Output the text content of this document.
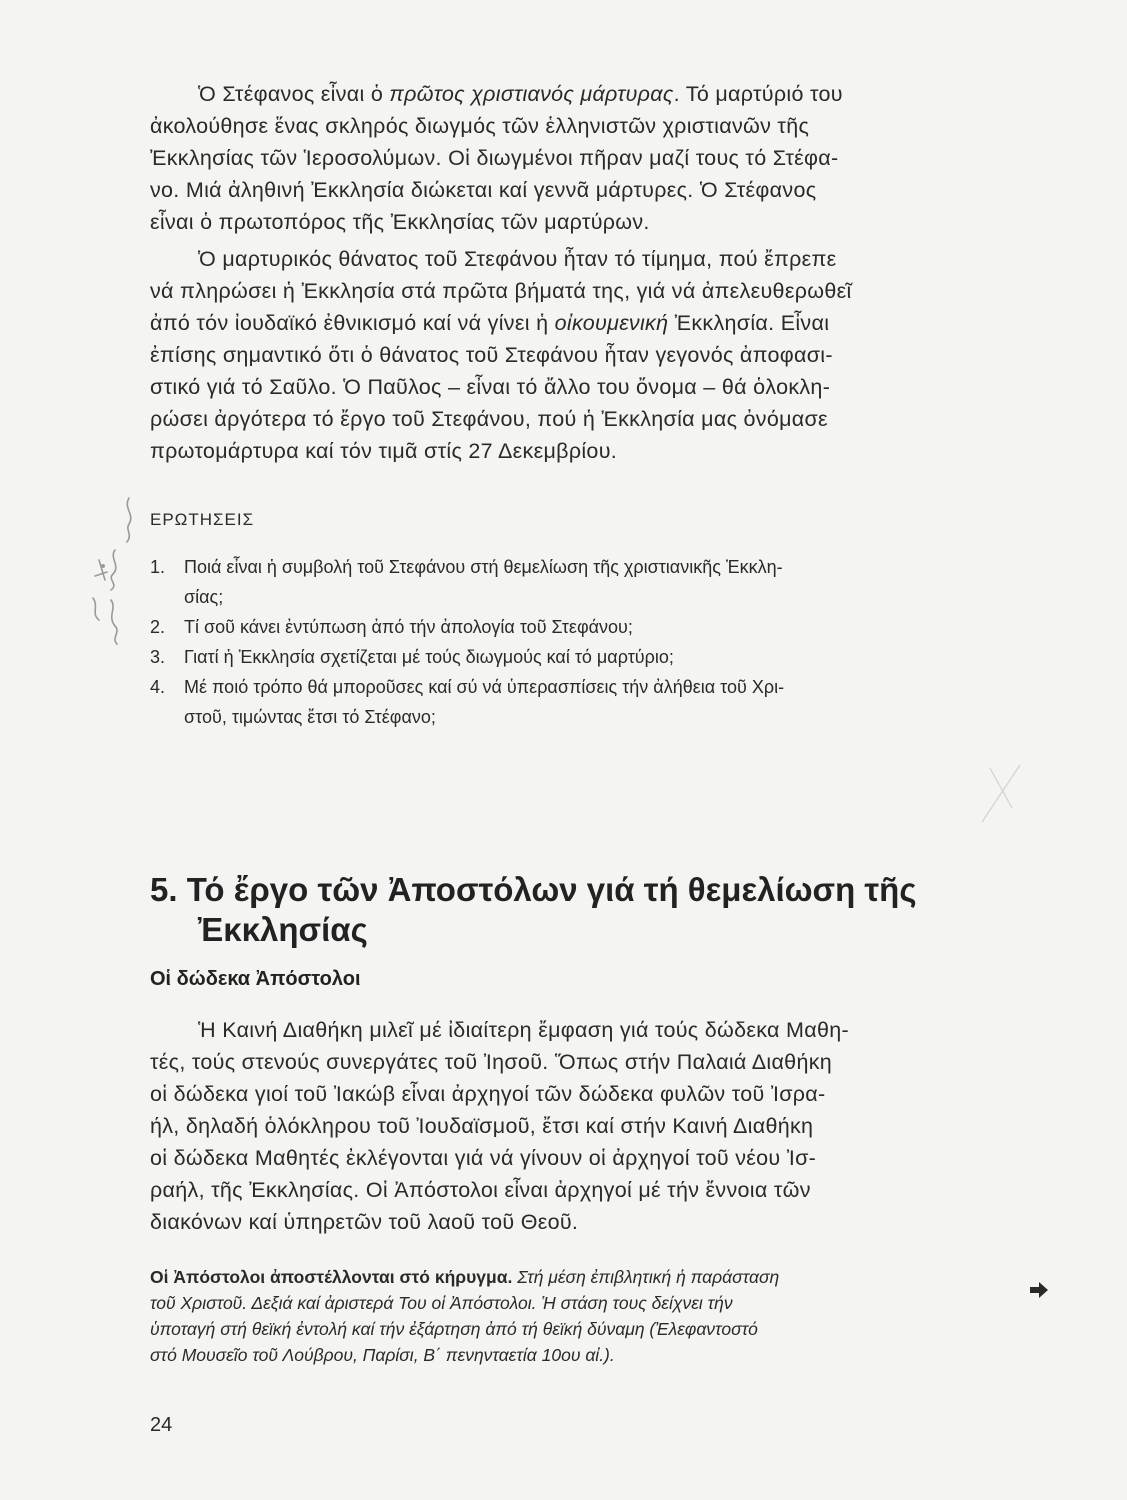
Ὁ Στέφανος εἶναι ὁ πρῶτος χριστιανός μάρτυρας. Τό μαρτύριό του
ἀκολούθησε ἕνας σκληρός διωγμός τῶν ἑλληνιστῶν χριστιανῶν τῆς
Ἐκκλησίας τῶν Ἱεροσολύμων. Οἱ διωγμένοι πῆραν μαζί τους τό Στέφα-
νο. Μιά ἀληθινή Ἐκκλησία διώκεται καί γεννᾶ μάρτυρες. Ὁ Στέφανος
εἶναι ὁ πρωτοπόρος τῆς Ἐκκλησίας τῶν μαρτύρων.
Ὁ μαρτυρικός θάνατος τοῦ Στεφάνου ἦταν τό τίμημα, πού ἔπρεπε
νά πληρώσει ἡ Ἐκκλησία στά πρῶτα βήματά της, γιά νά ἀπελευθερωθεῖ
ἀπό τόν ἰουδαϊκό ἐθνικισμό καί νά γίνει ἡ οἰκουμενική Ἐκκλησία. Εἶναι
ἐπίσης σημαντικό ὅτι ὁ θάνατος τοῦ Στεφάνου ἦταν γεγονός ἀποφασι-
στικό γιά τό Σαῦλο. Ὁ Παῦλος – εἶναι τό ἄλλο του ὄνομα – θά ὁλοκλη-
ρώσει ἀργότερα τό ἔργο τοῦ Στεφάνου, πού ἡ Ἐκκλησία μας ὀνόμασε
πρωτομάρτυρα καί τόν τιμᾶ στίς 27 Δεκεμβρίου.

ΕΡΩΤΗΣΕΙΣ

1. Ποιά εἶναι ἡ συμβολή τοῦ Στεφάνου στή θεμελίωση τῆς χριστιανικῆς Ἐκκλη-
σίας;
2. Τί σοῦ κάνει ἐντύπωση ἀπό τήν ἀπολογία τοῦ Στεφάνου;
3. Γιατί ἡ Ἐκκλησία σχετίζεται μέ τούς διωγμούς καί τό μαρτύριο;
4. Μέ ποιό τρόπο θά μποροῦσες καί σύ νά ὑπερασπίσεις τήν ἀλήθεια τοῦ Χρι-
στοῦ, τιμώντας ἔτσι τό Στέφανο;
5. Τό ἔργο τῶν Ἀποστόλων γιά τή θεμελίωση τῆς
Ἐκκλησίας
Οἱ δώδεκα Ἀπόστολοι
Ἡ Καινή Διαθήκη μιλεῖ μέ ἰδιαίτερη ἔμφαση γιά τούς δώδεκα Μαθη-
τές, τούς στενούς συνεργάτες τοῦ Ἰησοῦ. Ὅπως στήν Παλαιά Διαθήκη
οἱ δώδεκα γιοί τοῦ Ἰακώβ εἶναι ἀρχηγοί τῶν δώδεκα φυλῶν τοῦ Ἰσρα-
ήλ, δηλαδή ὁλόκληρου τοῦ Ἰουδαϊσμοῦ, ἔτσι καί στήν Καινή Διαθήκη
οἱ δώδεκα Μαθητές ἐκλέγονται γιά νά γίνουν οἱ ἀρχηγοί τοῦ νέου Ἰσ-
ραήλ, τῆς Ἐκκλησίας. Οἱ Ἀπόστολοι εἶναι ἀρχηγοί μέ τήν ἔννοια τῶν
διακόνων καί ὑπηρετῶν τοῦ λαοῦ τοῦ Θεοῦ.
Οἱ Ἀπόστολοι ἀποστέλλονται στό κήρυγμα. Στή μέση ἐπιβλητική ἡ παράσταση
τοῦ Χριστοῦ. Δεξιά καί ἀριστερά Του οἱ Ἀπόστολοι. Ἡ στάση τους δείχνει τήν
ὑποταγή στή θεϊκή ἐντολή καί τήν ἐξάρτηση ἀπό τή θεϊκή δύναμη (Ἐλεφαντοστό
στό Μουσεῖο τοῦ Λούβρου, Παρίσι, Β΄ πενηνταετία 10ου αἰ.).

24
